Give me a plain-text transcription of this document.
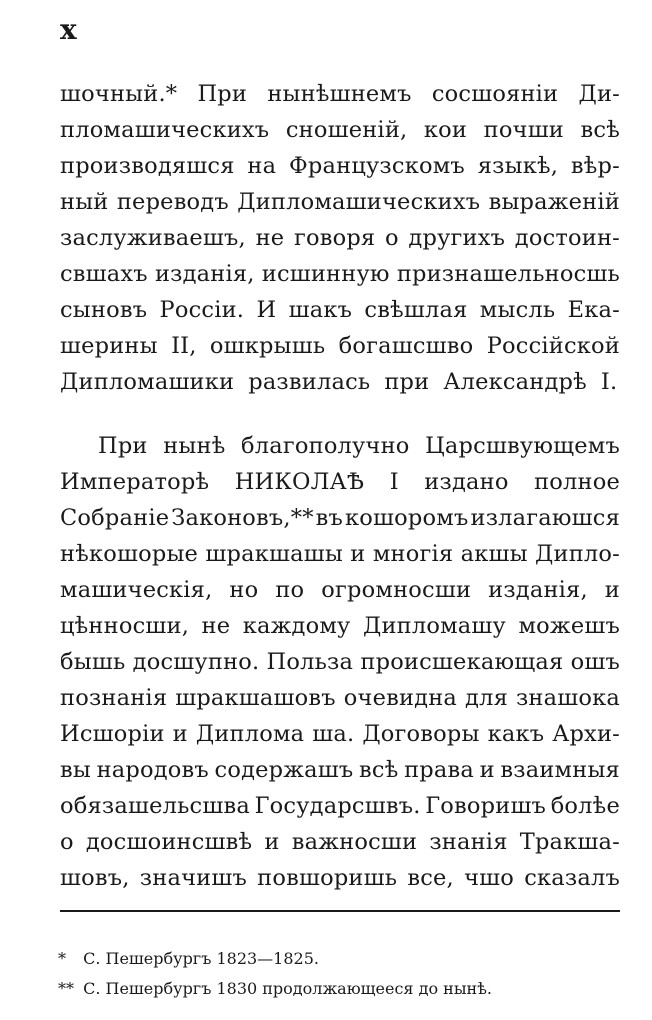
x
шочный.* При нынѣшнемъ сосшояніи Ди-
пломашическихъ сношеній, кои почши всѣ
производяшся на Французскомъ языкѣ, вѣр-
ный переводъ Дипломашическихъ выраженій
заслуживаешъ, не говоря о другихъ достоин-
свшахъ изданія, исшинную признашельносшь
сыновъ Россіи. И шакъ свѣшлая мысль Ека-
шерины II, ошкрышь богашсшво Россійской
Дипломашики развилась при Александрѣ I.
При нынѣ благополучно Царсшвующемъ
Императорѣ НИКОЛАѢ I издано полное
Собраніе Законовъ,** въ кошоромъ излагаюшся
нѣкошорые шракшашы и многія акшы Дипло-
машическія, но по огромносши изданія, и
цѣнносши, не каждому Дипломашу можешъ
бышь досшупно. Польза происшекающая ошъ
познанія шракшашовъ очевидна для знашока
Исшоріи и Диплома ша. Договоры какъ Архи-
вы народовъ содержашъ всѣ права и взаимныя
обязашельсшва Государсшвъ. Говоришъ болѣе
о досшоинсшвѣ и важносши знанія Тракша-
шовъ, значишъ повшоришь все, чшо сказалъ
* С. Пешербургъ 1823—1825.
** С. Пешербургъ 1830 продолжающееся до нынѣ.
